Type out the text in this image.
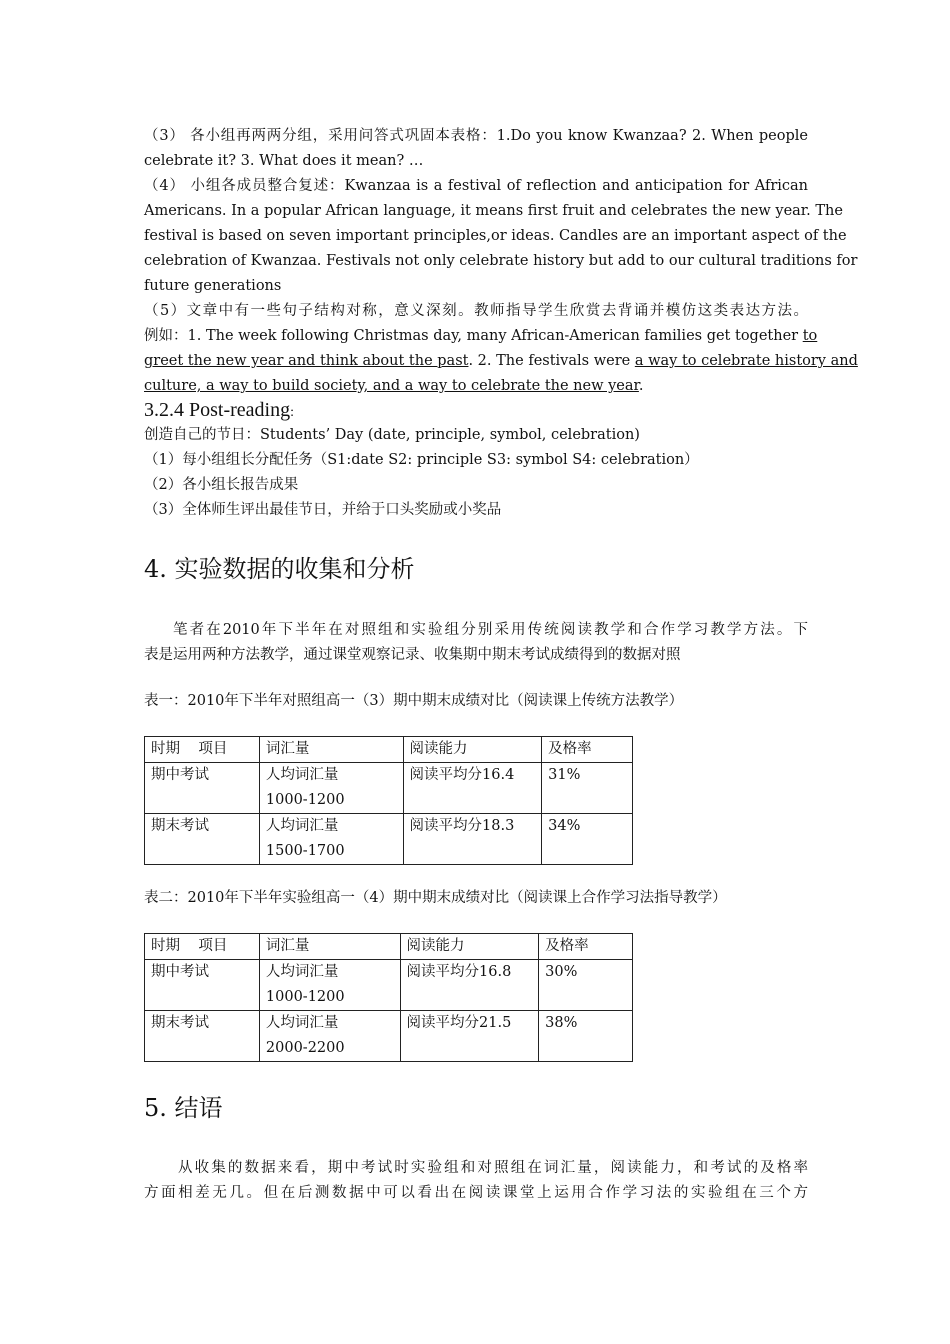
（3） 各小组再两两分组，采用问答式巩固本表格：1.Do you know Kwanzaa? 2. When people
celebrate it? 3. What does it mean? …
（4） 小组各成员整合复述：Kwanzaa is a festival of reflection and anticipation for African
Americans. In a popular African language, it means first fruit and celebrates the new year. The
festival is based on seven important principles,or ideas. Candles are an important aspect of the
celebration of Kwanzaa. Festivals not only celebrate history but add to our cultural traditions for
future generations
（5）文章中有一些句子结构对称，意义深刻。教师指导学生欣赏去背诵并模仿这类表达方法。
例如：1. The week following Christmas day, many African-American families get together to
greet the new year and think about the past. 2. The festivals were a way to celebrate history and
culture, a way to build society, and a way to celebrate the new year.
3.2.4 Post-reading:
创造自己的节日：Students’ Day (date, principle, symbol, celebration)
（1）每小组组长分配任务（S1:date S2: principle S3: symbol S4: celebration）
（2）各小组长报告成果
（3）全体师生评出最佳节日，并给于口头奖励或小奖品
4. 实验数据的收集和分析
笔者在2010年下半年在对照组和实验组分别采用传统阅读教学和合作学习教学方法。下
表是运用两种方法教学，通过课堂观察记录、收集期中期末考试成绩得到的数据对照
表一：2010年下半年对照组高一（3）期中期末成绩对比（阅读课上传统方法教学）
时期    项目	词汇量	阅读能力	及格率
期中考试	人均词汇量
1000-1200	阅读平均分16.4	31%
期末考试	人均词汇量
1500-1700	阅读平均分18.3	34%
表二：2010年下半年实验组高一（4）期中期末成绩对比（阅读课上合作学习法指导教学）
时期    项目	词汇量	阅读能力	及格率
期中考试	人均词汇量
1000-1200	阅读平均分16.8	30%
期末考试	人均词汇量
2000-2200	阅读平均分21.5	38%
5. 结语
从收集的数据来看，期中考试时实验组和对照组在词汇量，阅读能力，和考试的及格率
方面相差无几。但在后测数据中可以看出在阅读课堂上运用合作学习法的实验组在三个方
